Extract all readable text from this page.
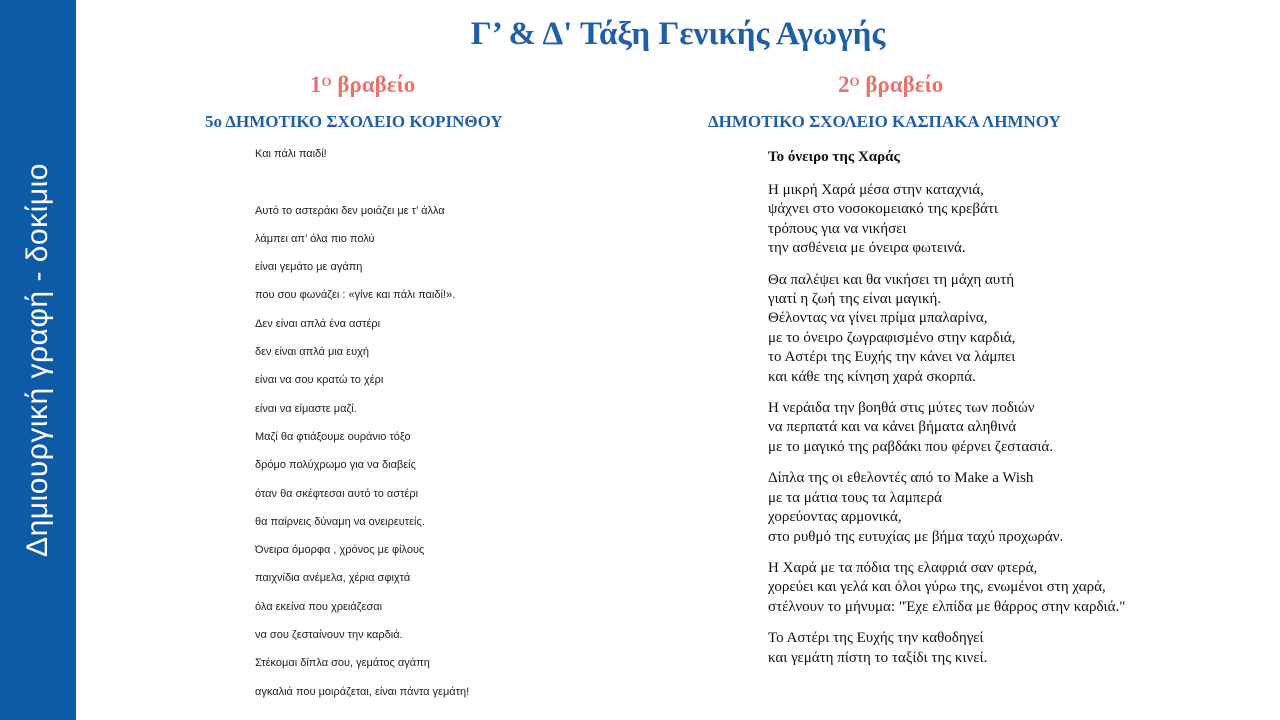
Δημιουργική γραφή - δοκίμιο
Γ’ & Δ' Τάξη Γενικής Αγωγής
$1^O$ βραβείο
5ο ΔΗΜΟΤΙΚΟ ΣΧΟΛΕΙΟ ΚΟΡΙΝΘΟΥ
$2^O$ βραβείο
ΔΗΜΟΤΙΚΟ ΣΧΟΛΕΙΟ ΚΑΣΠΑΚΑ ΛΗΜΝΟΥ
Και πάλι παιδί!
Αυτό το αστεράκι δεν μοιάζει με τ’ άλλα
λάμπει απ’ όλα πιο πολύ
είναι γεμάτο με αγάπη
που σου φωνάζει : «γίνε και πάλι παιδί!».
Δεν είναι απλά ένα αστέρι
δεν είναι απλά μια ευχή
είναι να σου κρατώ το χέρι
είναι να είμαστε μαζί.
Μαζί θα φτιάξουμε ουράνιο τόξο
δρόμο πολύχρωμο για να διαβείς
όταν θα σκέφτεσαι αυτό το αστέρι
θα παίρνεις δύναμη να ονειρευτείς.
Όνειρα όμορφα , χρόνος με φίλους
παιχνίδια ανέμελα, χέρια σφιχτά
όλα εκείνα που χρειάζεσαι
να σου ζεσταίνουν την καρδιά.
Στέκομαι δίπλα σου, γεμάτος αγάπη
αγκαλιά που μοιράζεται, είναι πάντα γεμάτη!
Το όνειρο της Χαράς
Η μικρή Χαρά μέσα στην καταχνιά,
ψάχνει στο νοσοκομειακό της κρεβάτι
τρόπους για να νικήσει
την ασθένεια με όνειρα φωτεινά.
Θα παλέψει και θα νικήσει τη μάχη αυτή
γιατί η ζωή της είναι μαγική.
Θέλοντας να γίνει πρίμα μπαλαρίνα,
με το όνειρο ζωγραφισμένο στην καρδιά,
το Αστέρι της Ευχής την κάνει να λάμπει
και κάθε της κίνηση χαρά σκορπά.
Η νεράιδα την βοηθά στις μύτες των ποδιών
να περπατά και να κάνει βήματα αληθινά
με το μαγικό της ραβδάκι που φέρνει ζεστασιά.
Δίπλα της οι εθελοντές από το Make a Wish
με τα μάτια τους τα λαμπερά
χορεύοντας αρμονικά,
στο ρυθμό της ευτυχίας με βήμα ταχύ προχωράν.
Η Χαρά με τα πόδια της ελαφριά σαν φτερά,
χορεύει και γελά και όλοι γύρω της, ενωμένοι στη χαρά,
στέλνουν το μήνυμα: "Έχε ελπίδα με θάρρος στην καρδιά."
Το Αστέρι της Ευχής την καθοδηγεί
και γεμάτη πίστη το ταξίδι της κινεί.
